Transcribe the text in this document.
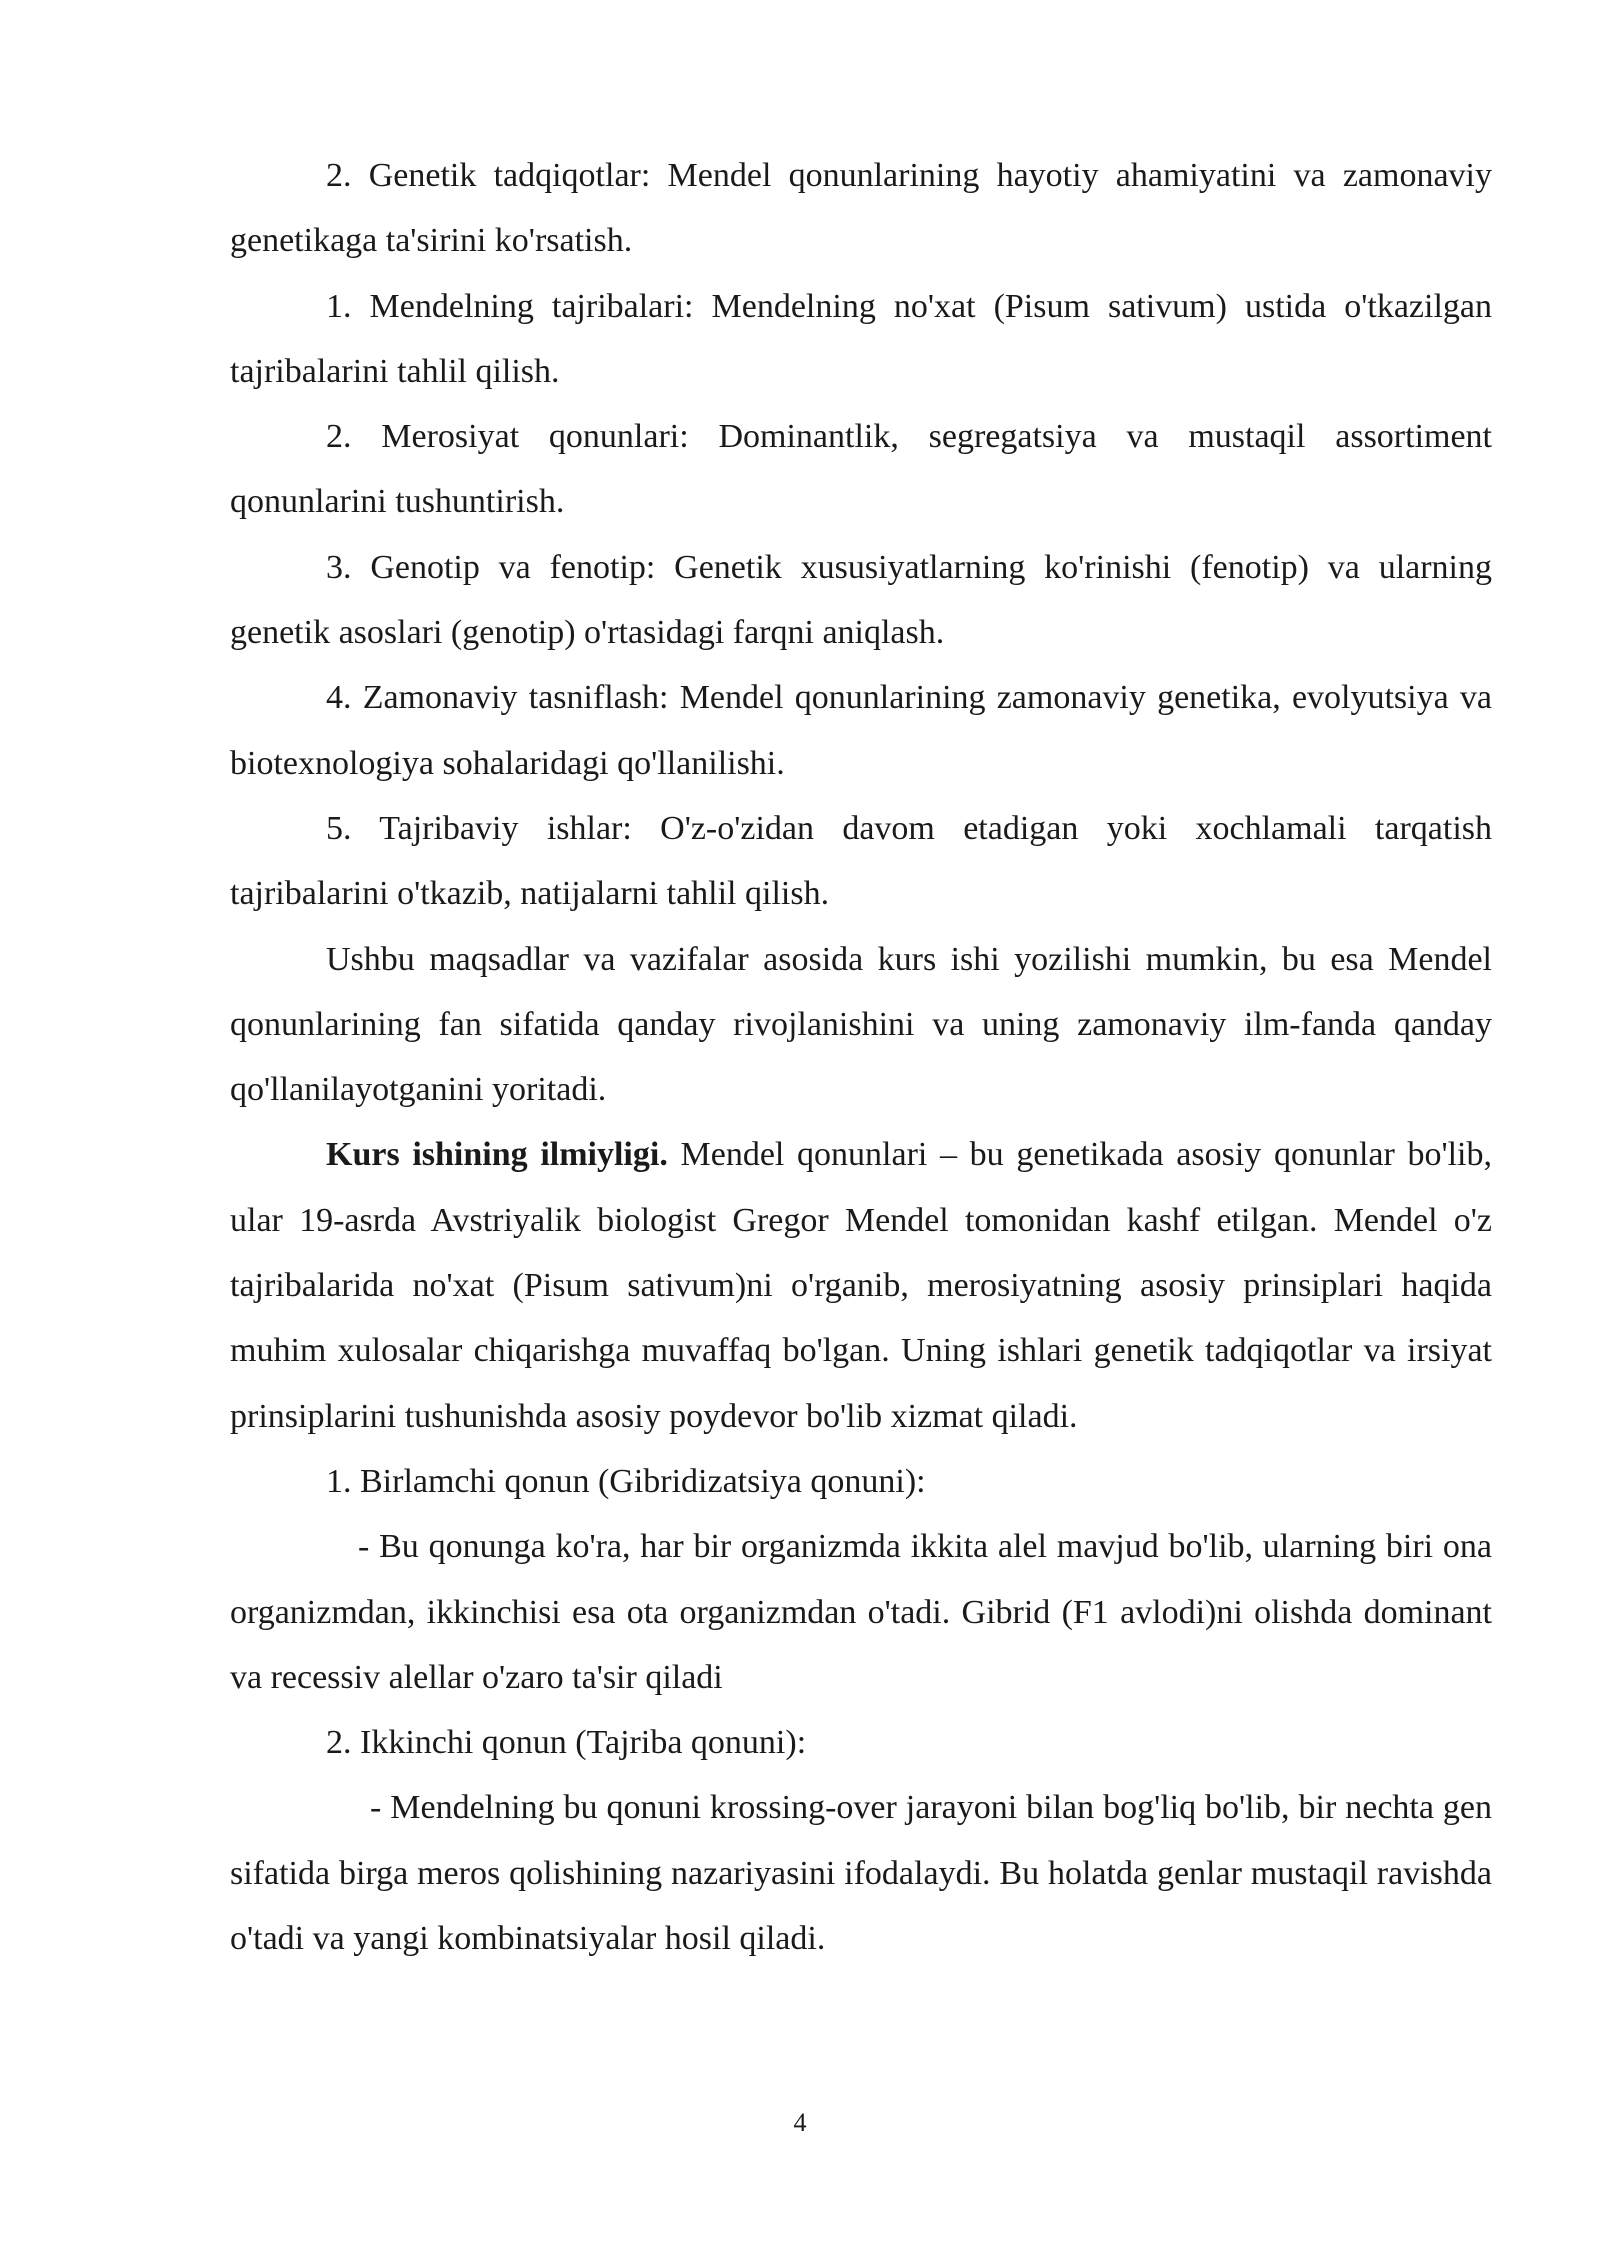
2. Genetik tadqiqotlar: Mendel qonunlarining hayotiy ahamiyatini va zamonaviy genetikaga ta'sirini ko'rsatish.

1. Mendelning tajribalari: Mendelning no'xat (Pisum sativum) ustida o'tkazilgan tajribalarini tahlil qilish.

2. Merosiyat qonunlari: Dominantlik, segregatsiya va mustaqil assortiment qonunlarini tushuntirish.

3. Genotip va fenotip: Genetik xususiyatlarning ko'rinishi (fenotip) va ularning genetik asoslari (genotip) o'rtasidagi farqni aniqlash.

4. Zamonaviy tasniflash: Mendel qonunlarining zamonaviy genetika, evolyutsiya va biotexnologiya sohalaridagi qo'llanilishi.

5. Tajribaviy ishlar: O'z-o'zidan davom etadigan yoki xochlamali tarqatish tajribalarini o'tkazib, natijalarni tahlil qilish.

Ushbu maqsadlar va vazifalar asosida kurs ishi yozilishi mumkin, bu esa Mendel qonunlarining fan sifatida qanday rivojlanishini va uning zamonaviy ilm-fanda qanday qo'llanilayotganini yoritadi.

Kurs ishining ilmiyligi. Mendel qonunlari – bu genetikada asosiy qonunlar bo'lib, ular 19-asrda Avstriyalik biologist Gregor Mendel tomonidan kashf etilgan. Mendel o'z tajribalarida no'xat (Pisum sativum)ni o'rganib, merosiyatning asosiy prinsiplari haqida muhim xulosalar chiqarishga muvaffaq bo'lgan. Uning ishlari genetik tadqiqotlar va irsiyat prinsiplarini tushunishda asosiy poydevor bo'lib xizmat qiladi.

1. Birlamchi qonun (Gibridizatsiya qonuni):

- Bu qonunga ko'ra, har bir organizmda ikkita alel mavjud bo'lib, ularning biri ona organizmdan, ikkinchisi esa ota organizmdan o'tadi. Gibrid (F1 avlodi)ni olishda dominant va recessiv alellar o'zaro ta'sir qiladi

2. Ikkinchi qonun (Tajriba qonuni):

- Mendelning bu qonuni krossing-over jarayoni bilan bog'liq bo'lib, bir nechta gen sifatida birga meros qolishining nazariyasini ifodalaydi. Bu holatda genlar mustaqil ravishda o'tadi va yangi kombinatsiyalar hosil qiladi.

4
